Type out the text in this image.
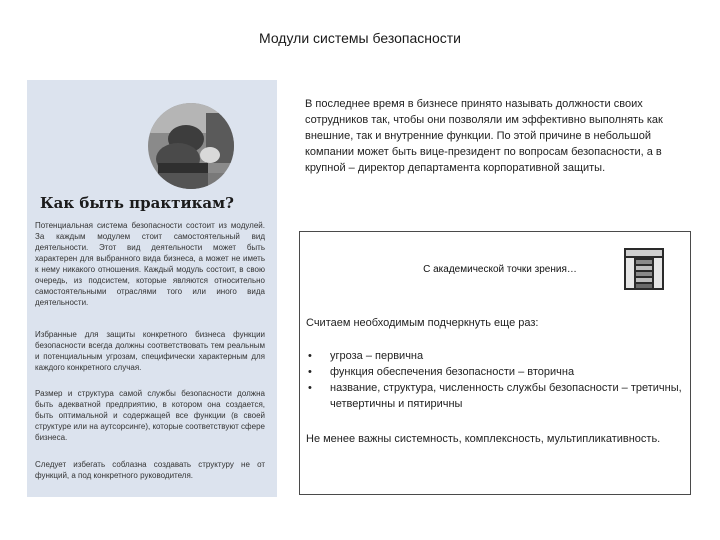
Модули системы безопасности
Как быть практикам?

Потенциальная система безопасности состоит из модулей. За каждым модулем стоит самостоятельный вид деятельности. Этот вид деятельности может быть характерен для выбранного вида бизнеса, а может не иметь к нему никакого отношения. Каждый модуль состоит, в свою очередь, из подсистем, которые являются относительно самостоятельными отраслями того или иного вида деятельности.

Избранные для защиты конкретного бизнеса функции безопасности всегда должны соответствовать тем реальным и потенциальным угрозам, специфически характерным для каждого конкретного случая.

Размер и структура самой службы безопасности должна быть адекватной предприятию, в котором она создается, быть оптимальной и содержащей все функции (в своей структуре или на аутсорсинге), которые соответствуют сфере бизнеса.

Следует избегать соблазна создавать структуру не от функций, а под конкретного руководителя.

В последнее время в бизнесе принято называть должности своих сотрудников так, чтобы они позволяли им эффективно выполнять как внешние, так и внутренние функции. По этой причине в небольшой компании может быть вице-президент по вопросам безопасности, а в крупной – директор департамента корпоративной защиты.

С академической точки зрения…
Считаем необходимым подчеркнуть еще раз:
• угроза – первична
• функция обеспечения безопасности – вторична
• название, структура, численность службы безопасности – третичны, четвертичны и пятиричны
Не менее важны системность, комплексность, мультипликативность.
